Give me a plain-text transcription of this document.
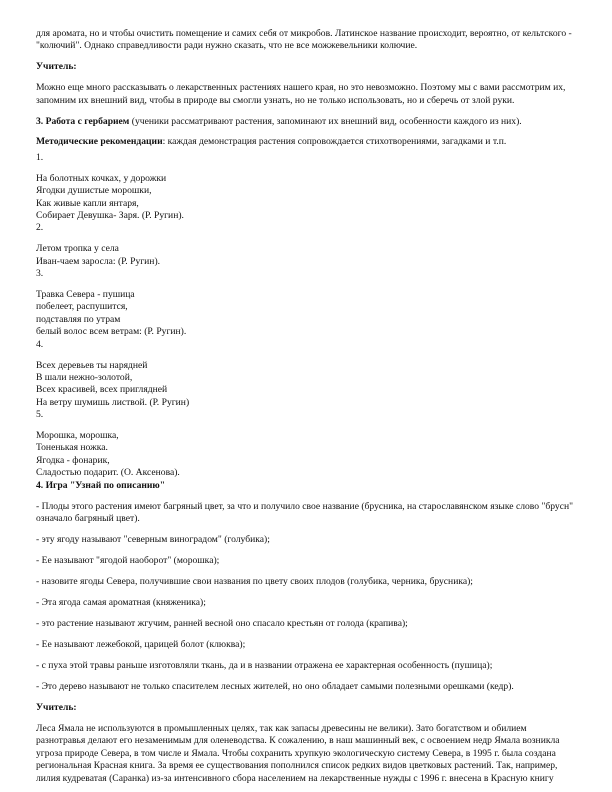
для аромата, но и чтобы очистить помещение и самих себя от микробов. Латинское название происходит, вероятно, от кельтского - "колючий". Однако справедливости ради нужно сказать, что не все можжевельники колючие.

Учитель:

Можно еще много рассказывать о лекарственных растениях нашего края, но это невозможно. Поэтому мы с вами рассмотрим их, запомним их внешний вид, чтобы в природе вы смогли узнать, но не только использовать, но и сберечь от злой руки.

3. Работа с гербарием (ученики рассматривают растения, запоминают их внешний вид, особенности каждого из них).

Методические рекомендации: каждая демонстрация растения сопровождается стихотворениями, загадками и т.п.

1.

На болотных кочках, у дорожки

Ягодки душистые морошки,

Как живые капли янтаря,

Собирает Девушка- Заря. (Р. Ругин).

2.

Летом тропка у села

Иван-чаем заросла: (Р. Ругин).

3.

Травка Севера - пушица

побелеет, распушится,

подставляя по утрам

белый волос всем ветрам: (Р. Ругин).

4.

Всех деревьев ты нарядней

В шали нежно-золотой,

Всех красивей, всех приглядней

На ветру шумишь листвой. (Р. Ругин)

5.

Морошка, морошка,

Тоненькая ножка.

Ягодка - фонарик,

Сладостью подарит. (О. Аксенова).

4. Игра "Узнай по описанию"

- Плоды этого растения имеют багряный цвет, за что и получило свое название (брусника, на старославянском языке слово "брусн" означало багряный цвет).

- эту ягоду называют "северным виноградом" (голубика);

- Ее называют "ягодой наоборот" (морошка);

- назовите ягоды Севера, получившие свои названия по цвету своих плодов (голубика, черника, брусника);

- Эта ягода самая ароматная (княженика);

- это растение называют жгучим, ранней весной оно спасало крестьян от голода (крапива);

- Ее называют лежебокой, царицей болот (клюква);

- с пуха этой травы раньше изготовляли ткань, да и в названии отражена ее характерная особенность (пушица);

- Это дерево называют не только спасителем лесных жителей, но оно обладает самыми полезными орешками (кедр).

Учитель:

Леса Ямала не используются в промышленных целях, так как запасы древесины не велики). Зато богатством и обилием разнотравья делают его незаменимым для оленеводства. К сожалению, в наш машинный век, с освоением недр Ямала возникла угроза природе Севера, в том числе и Ямала. Чтобы сохранить хрупкую экологическую систему Севера, в 1995 г. была создана региональная Красная книга. За время ее существования пополнился список редких видов цветковых растений. Так, например, лилия кудреватая (Саранка) из-за интенсивного сбора населением на лекарственные нужды с 1996 г. внесена в Красную книгу
